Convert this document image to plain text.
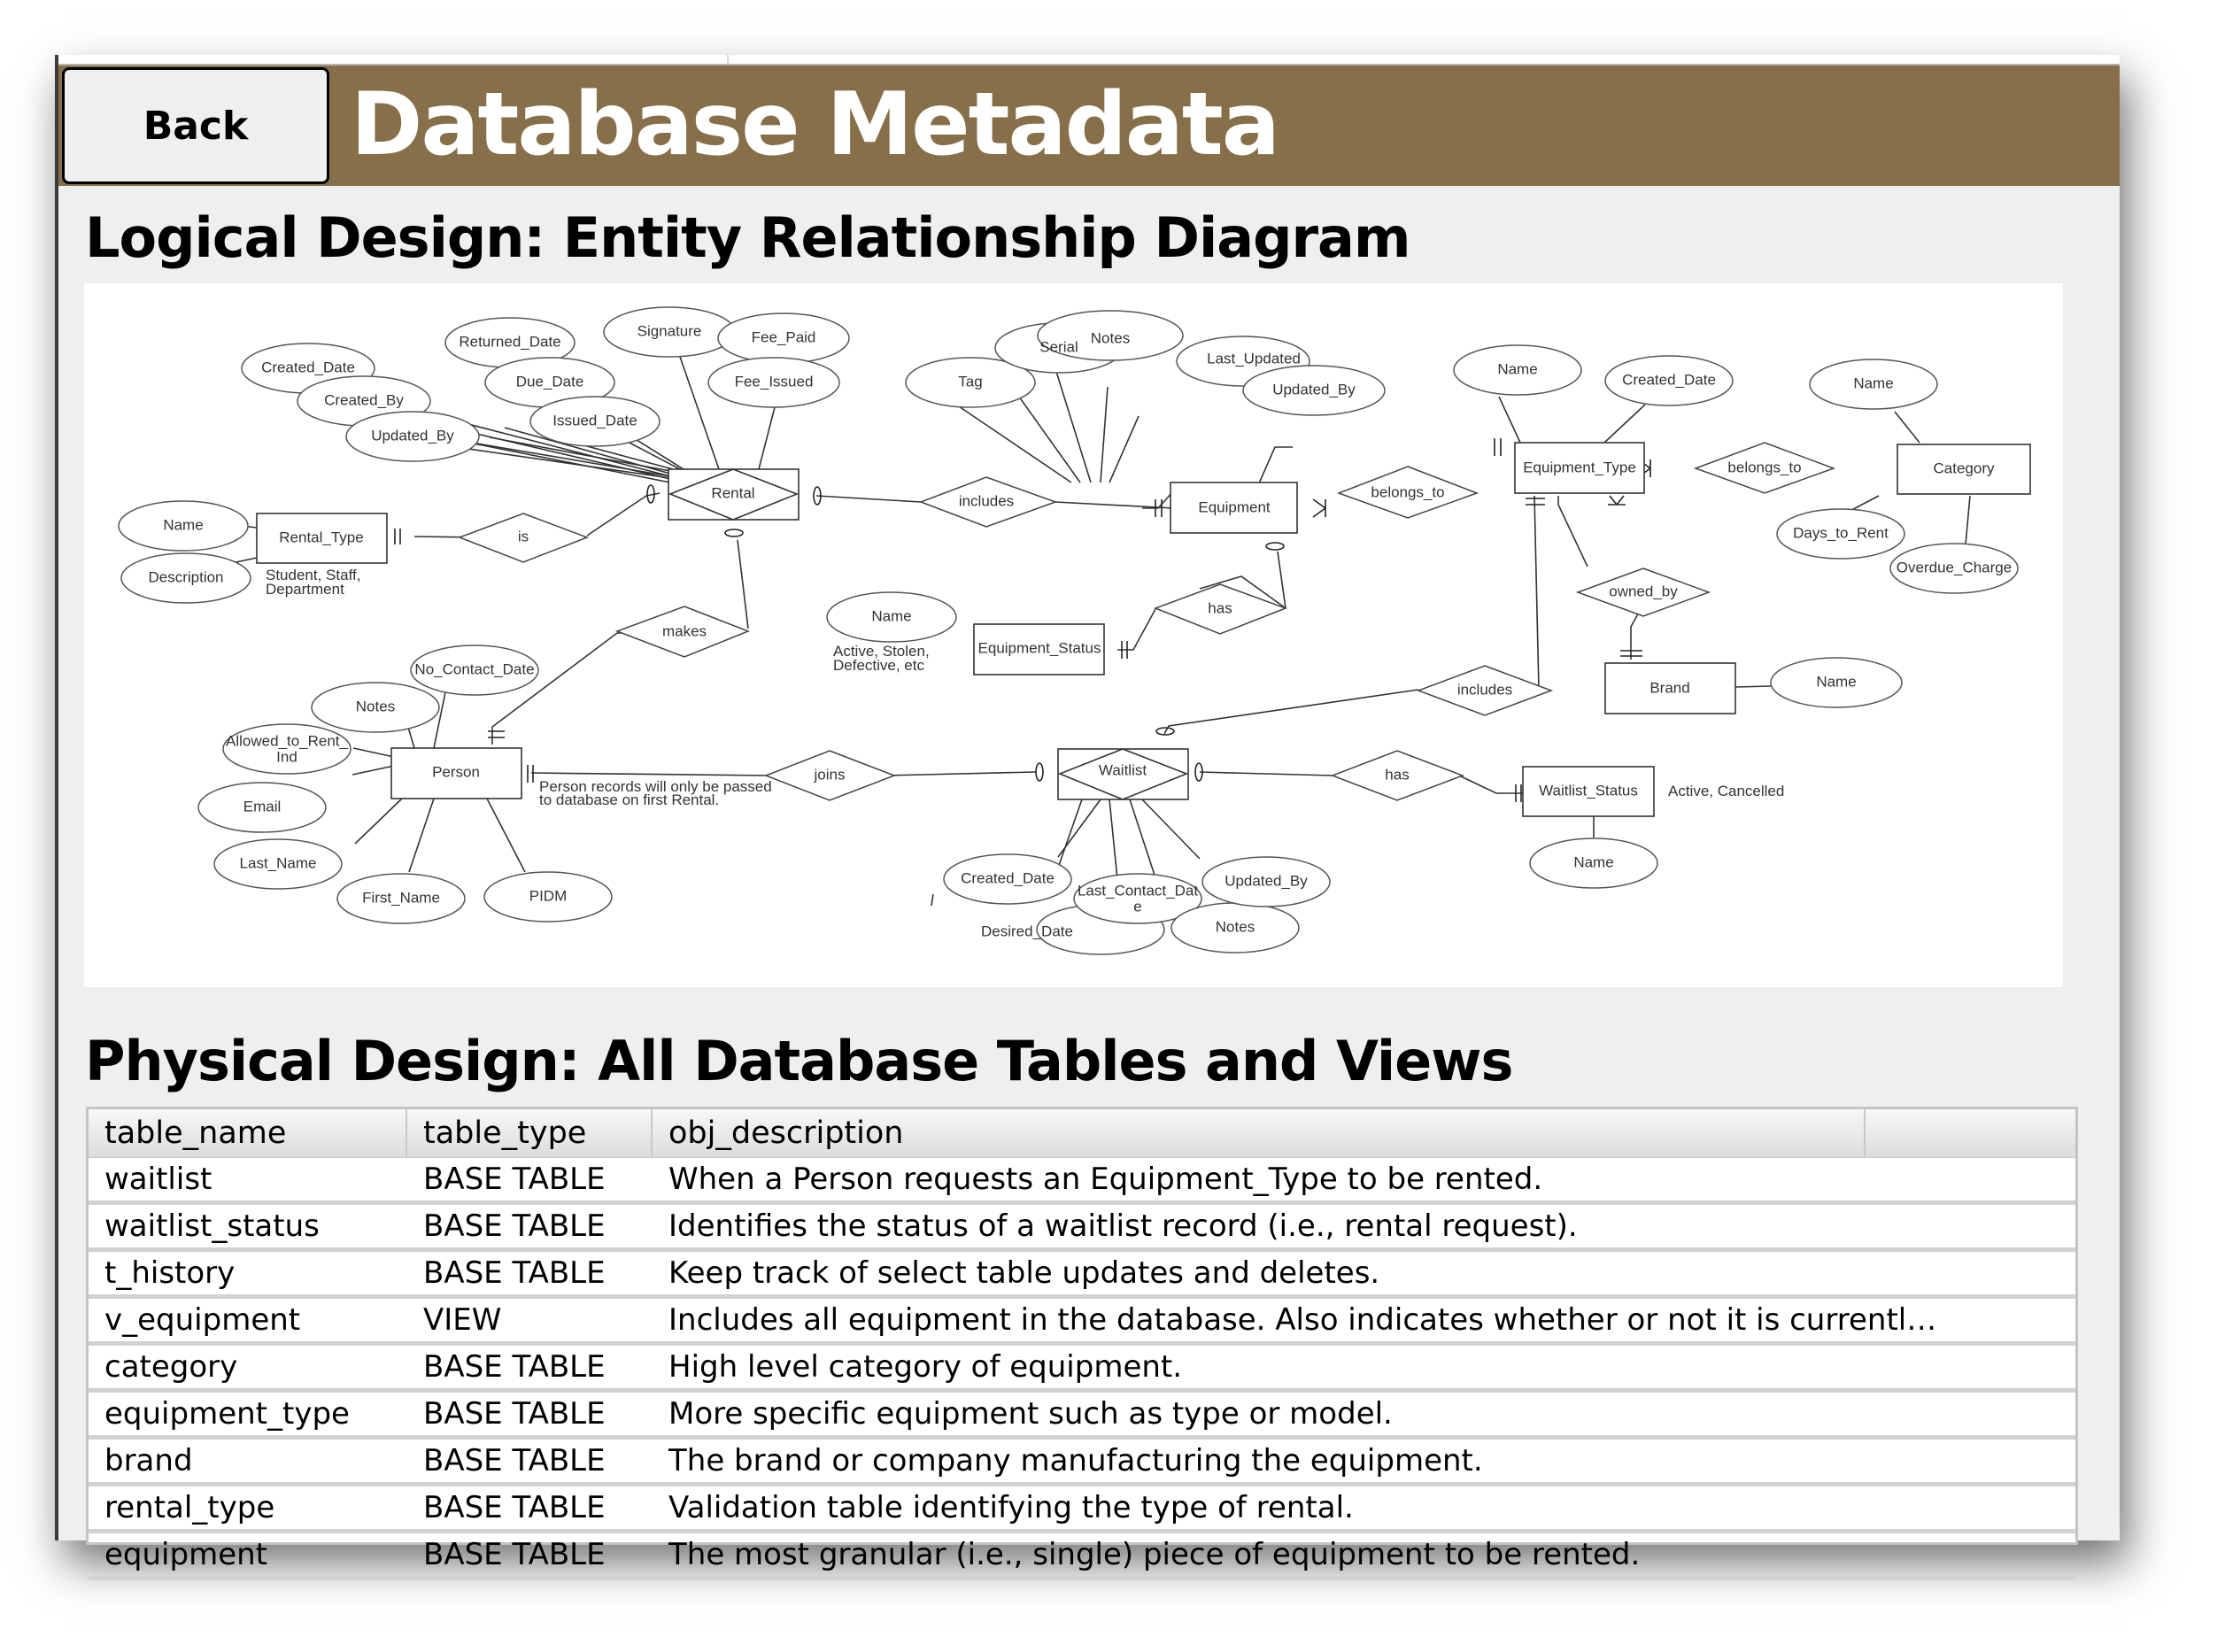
Back	Database Metadata
Logical Design: Entity Relationship Diagram
Rental
Rental_Type
Equipment
Equipment_Type	Category
Brand
Equipment_Status
Person	Waitlist
Waitlist_Status
is
includes
belongs_to
belongs_to
owned_by
has
makes
joins
includes
has
Created_Date
Created_By
Updated_By
Returned_Date
Due_Date
Issued_Date
Signature	Fee_Paid
Fee_Issued
Name
Description
Tag
Serial
Notes
Last_Updated
Updated_By
Name
Created_Date	Name
Days_to_Rent
Overdue_Charge
Name
Name
No_Contact_Date
Notes
Allowed_to_Rent_
Ind
Email
Last_Name
First_Name	PIDM
Created_Date
Last_Contact_Dat
e
Updated_By
Desired_Date	Notes
Name
Student, Staff,
Department
Active, Stolen,
Defective, etc
Person records will only be passed
to database on first Rental.
Active, Cancelled
Physical Design: All Database Tables and Views
table_name	table_type	obj_description
waitlist	BASE TABLE	When a Person requests an Equipment_Type to be rented.
waitlist_status	BASE TABLE	Identifies the status of a waitlist record (i.e., rental request).
t_history	BASE TABLE	Keep track of select table updates and deletes.
v_equipment	VIEW	Includes all equipment in the database. Also indicates whether or not it is currentl…
category	BASE TABLE	High level category of equipment.
equipment_type	BASE TABLE	More specific equipment such as type or model.
brand	BASE TABLE	The brand or company manufacturing the equipment.
rental_type	BASE TABLE	Validation table identifying the type of rental.
equipment	BASE TABLE	The most granular (i.e., single) piece of equipment to be rented.
